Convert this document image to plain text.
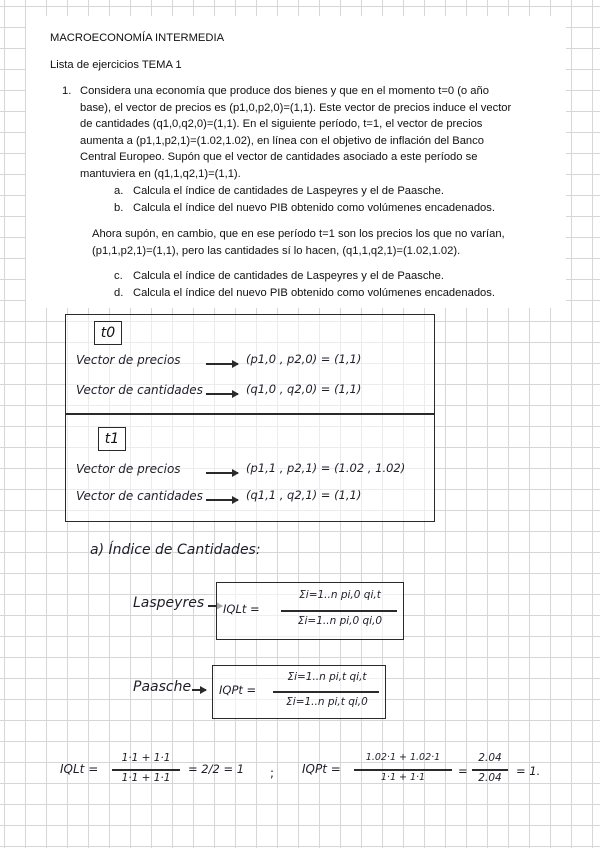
MACROECONOMÍA INTERMEDIA
Lista de ejercicios TEMA 1
1. Considera una economía que produce dos bienes y que en el momento t=0 (o año
base), el vector de precios es (p1,0,p2,0)=(1,1). Este vector de precios induce el vector
de cantidades (q1,0,q2,0)=(1,1). En el siguiente período, t=1, el vector de precios
aumenta a (p1,1,p2,1)=(1.02,1.02), en línea con el objetivo de inflación del Banco
Central Europeo. Supón que el vector de cantidades asociado a este período se
mantuviera en (q1,1,q2,1)=(1,1).
a. Calcula el índice de cantidades de Laspeyres y el de Paasche.
b. Calcula el índice del nuevo PIB obtenido como volúmenes encadenados.
Ahora supón, en cambio, que en ese período t=1 son los precios los que no varían,
(p1,1,p2,1)=(1,1), pero las cantidades sí lo hacen, (q1,1,q2,1)=(1.02,1.02).
c. Calcula el índice de cantidades de Laspeyres y el de Paasche.
d. Calcula el índice del nuevo PIB obtenido como volúmenes encadenados.
t0
Vector de precios	(p1,0 , p2,0) = (1,1)
Vector de cantidades	(q1,0 , q2,0) = (1,1)
t1
Vector de precios	(p1,1 , p2,1) = (1.02 , 1.02)
Vector de cantidades	(q1,1 , q2,1) = (1,1)
a) Índice de Cantidades:
Laspeyres IQLt =
Σi=1..n pi,0 qi,t
Σi=1..n pi,0 qi,0
Paasche IQPt =
Σi=1..n pi,t qi,t
Σi=1..n pi,t qi,0
IQLt =
1·1 + 1·1
1·1 + 1·1
= 2/2 = 1 ; IQPt =
1.02·1 + 1.02·1
1·1 + 1·1	=
2.04
2.04	= 1.
